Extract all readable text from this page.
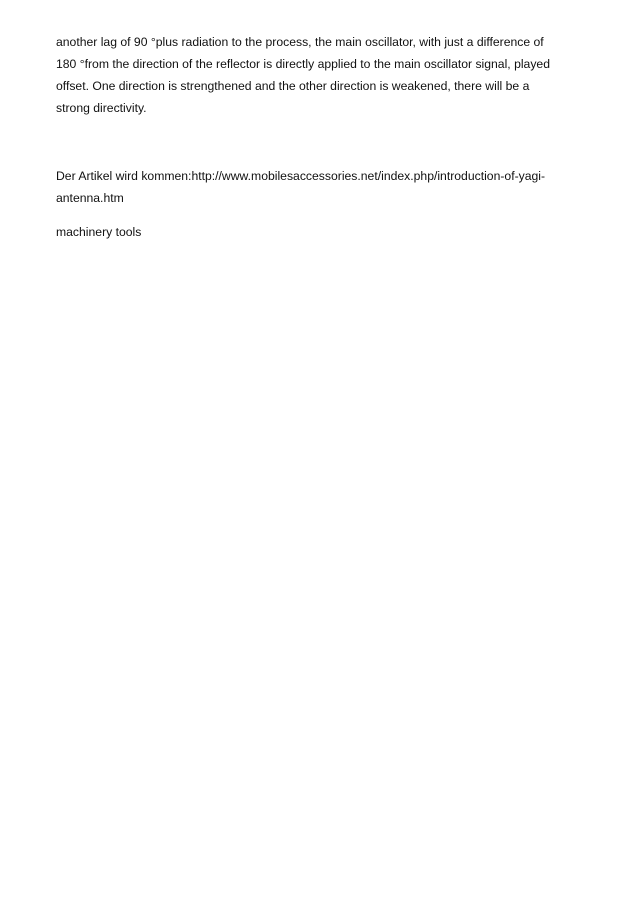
another lag of 90 °plus radiation to the process, the main oscillator, with just a difference of
180 °from the direction of the reflector is directly applied to the main oscillator signal, played
offset. One direction is strengthened and the other direction is weakened, there will be a
strong directivity.
Der Artikel wird kommen:http://www.mobilesaccessories.net/index.php/introduction-of-yagi-
antenna.htm
machinery tools
